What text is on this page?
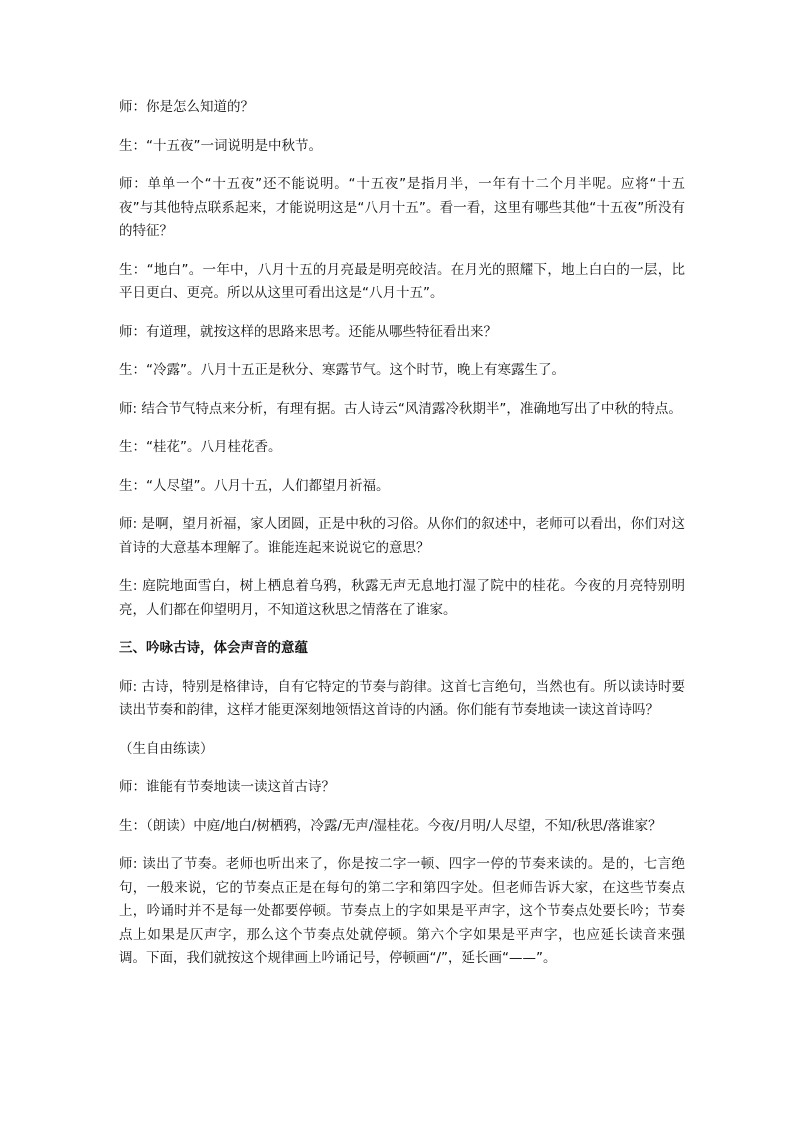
师：你是怎么知道的？

生：“十五夜”一词说明是中秋节。

师：单单一个“十五夜”还不能说明。“十五夜”是指月半，一年有十二个月半呢。应将“十五夜”与其他特点联系起来，才能说明这是“八月十五”。看一看，这里有哪些其他“十五夜”所没有的特征？

生：“地白”。一年中，八月十五的月亮最是明亮皎洁。在月光的照耀下，地上白白的一层，比平日更白、更亮。所以从这里可看出这是“八月十五”。

师：有道理，就按这样的思路来思考。还能从哪些特征看出来？

生：“冷露”。八月十五正是秋分、寒露节气。这个时节，晚上有寒露生了。

师: 结合节气特点来分析，有理有据。古人诗云“风清露冷秋期半”，准确地写出了中秋的特点。

生：“桂花”。八月桂花香。

生：“人尽望”。八月十五，人们都望月祈福。

师: 是啊，望月祈福，家人团圆，正是中秋的习俗。从你们的叙述中，老师可以看出，你们对这首诗的大意基本理解了。谁能连起来说说它的意思？

生: 庭院地面雪白，树上栖息着乌鸦，秋露无声无息地打湿了院中的桂花。今夜的月亮特别明亮，人们都在仰望明月，不知道这秋思之情落在了谁家。

三、吟咏古诗，体会声音的意蕴

师: 古诗，特别是格律诗，自有它特定的节奏与韵律。这首七言绝句，当然也有。所以读诗时要读出节奏和韵律，这样才能更深刻地领悟这首诗的内涵。你们能有节奏地读一读这首诗吗？

（生自由练读）

师：谁能有节奏地读一读这首古诗？

生：（朗读）中庭/地白/树栖鸦，冷露/无声/湿桂花。今夜/月明/人尽望，不知/秋思/落谁家？

师: 读出了节奏。老师也听出来了，你是按二字一顿、四字一停的节奏来读的。是的，七言绝句，一般来说，它的节奏点正是在每句的第二字和第四字处。但老师告诉大家，在这些节奏点上，吟诵时并不是每一处都要停顿。节奏点上的字如果是平声字，这个节奏点处要长吟；节奏点上如果是仄声字，那么这个节奏点处就停顿。第六个字如果是平声字，也应延长读音来强调。下面，我们就按这个规律画上吟诵记号，停顿画“/”，延长画“——”。
